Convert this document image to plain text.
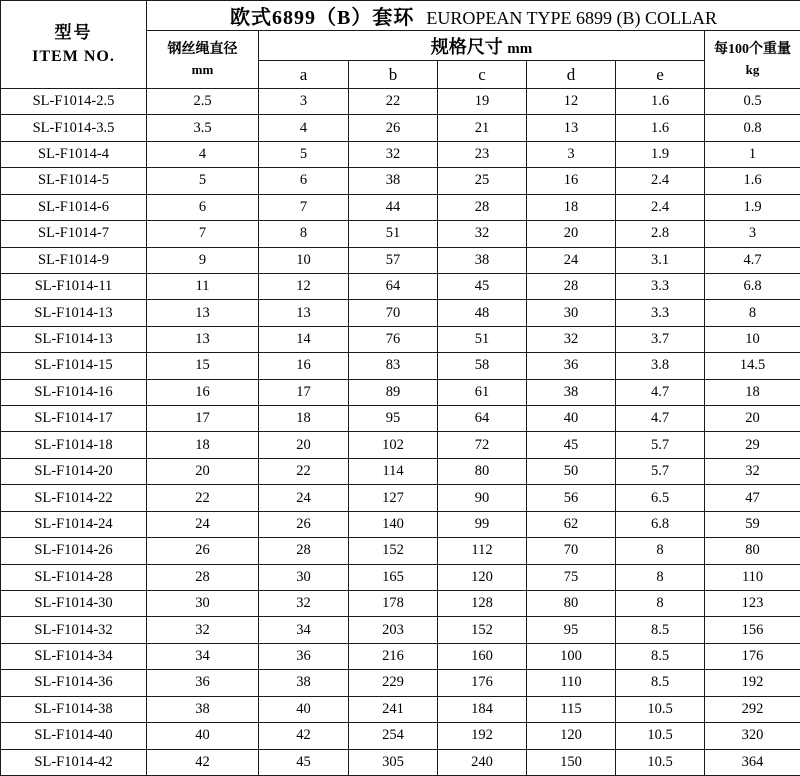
型号
ITEM NO.	欧式6899（B）套环 EUROPEAN TYPE 6899 (B) COLLAR						
	钢丝绳直径
mm	规格尺寸 mm					每100个重量
kg
		a	b	c	d	e	
SL-F1014-2.5	2.5	3	22	19	12	1.6	0.5
SL-F1014-3.5	3.5	4	26	21	13	1.6	0.8
SL-F1014-4	4	5	32	23	3	1.9	1
SL-F1014-5	5	6	38	25	16	2.4	1.6
SL-F1014-6	6	7	44	28	18	2.4	1.9
SL-F1014-7	7	8	51	32	20	2.8	3
SL-F1014-9	9	10	57	38	24	3.1	4.7
SL-F1014-11	11	12	64	45	28	3.3	6.8
SL-F1014-13	13	13	70	48	30	3.3	8
SL-F1014-13	13	14	76	51	32	3.7	10
SL-F1014-15	15	16	83	58	36	3.8	14.5
SL-F1014-16	16	17	89	61	38	4.7	18
SL-F1014-17	17	18	95	64	40	4.7	20
SL-F1014-18	18	20	102	72	45	5.7	29
SL-F1014-20	20	22	114	80	50	5.7	32
SL-F1014-22	22	24	127	90	56	6.5	47
SL-F1014-24	24	26	140	99	62	6.8	59
SL-F1014-26	26	28	152	112	70	8	80
SL-F1014-28	28	30	165	120	75	8	110
SL-F1014-30	30	32	178	128	80	8	123
SL-F1014-32	32	34	203	152	95	8.5	156
SL-F1014-34	34	36	216	160	100	8.5	176
SL-F1014-36	36	38	229	176	110	8.5	192
SL-F1014-38	38	40	241	184	115	10.5	292
SL-F1014-40	40	42	254	192	120	10.5	320
SL-F1014-42	42	45	305	240	150	10.5	364
